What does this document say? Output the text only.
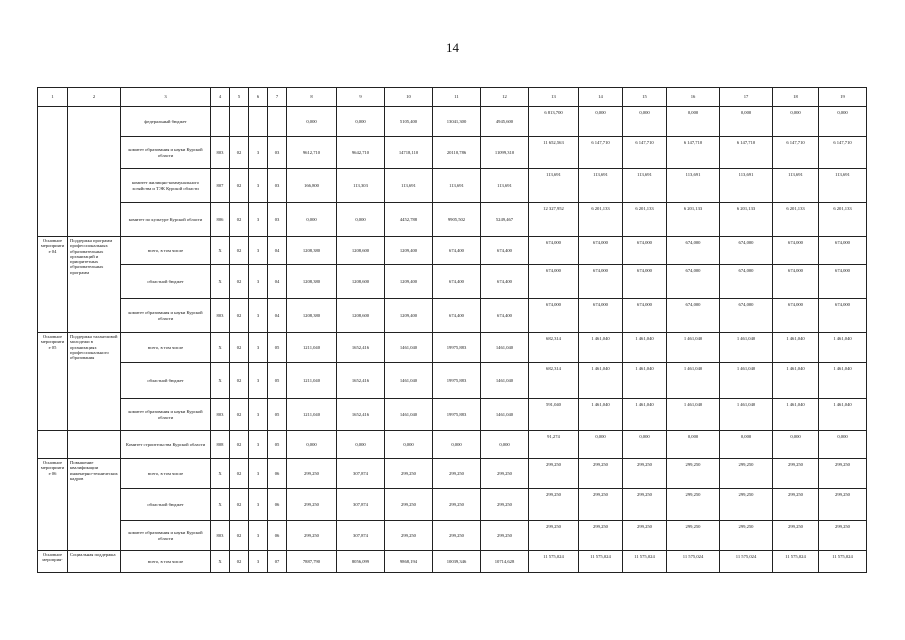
14
1	2	3	4	5	6	7	8	9	10	11	12	13	14	15	16	17	18	19
		федеральный бюджет					0,000	0,000	5105,400	13041,300	4945,600	6 813,700	0,000	0,000	0,000	0,000	0,000	0,000
		комитет образования и науки Курской области	803	02	3	03	9612,710	9642,710	14718,110	20110,786	11099,310	11 652,563	6 147,710	6 147,710	6 147,710	6 147,710	6 147,710	6 147,710
		комитет жилищно-коммунального хозяйства и ТЭК Курской области	807	02	3	03	166,800	113,303	113,691	113,691	113,691	113,691	113,691	113,691	113,691	113,691	113,691	113,691
		комитет по культуре Курской области	806	02	3	03	0,000	0,000	4452,788	9905,502	5249,467	12 327,952	6 201,133	6 201,133	6 201,133	6 201,133	6 201,133	6 201,133
Основное мероприятие 04	Поддержка программ профессиональных образовательных организаций и приоритетных образовательных программ	всего, в том числе	Х	02	3	04	1208,380	1208,600	1209,400	674,400	674,400	674,000	674,000	674,000	674,000	674,000	674,000	674,000
		областной бюджет	Х	02	3	04	1208,380	1208,600	1209,400	674,400	674,400	674,000	674,000	674,000	674,000	674,000	674,000	674,000
		комитет образования и науки Курской области	803	02	3	04	1208,380	1208,600	1209,400	674,400	674,400	674,000	674,000	674,000	674,000	674,000	674,000	674,000
Основное мероприятие 05	Поддержка талантливой молодежи в организациях профессионального образования	всего, в том числе	Х	02	3	05	1211,040	1652,416	1461,040	19975,883	1461,040	682,314	1 461,040	1 461,040	1 461,040	1 461,040	1 461,040	1 461,040
		областной бюджет	Х	02	3	05	1211,040	1652,416	1461,040	19975,883	1461,040	682,314	1 461,040	1 461,040	1 461,040	1 461,040	1 461,040	1 461,040
		комитет образования и науки Курской области	803	02	3	05	1211,040	1652,416	1461,040	19975,883	1461,040	591,040	1 461,040	1 461,040	1 461,040	1 461,040	1 461,040	1 461,040
		Комитет строительства Курской области	808	02	3	05	0,000	0,000	0,000	0,000	0,000	91,274	0,000	0,000	0,000	0,000	0,000	0,000
Основное мероприятие 06	Повышение квалификации инженерно-технических кадров	всего, в том числе	Х	02	3	06	299,250	307,874	299,250	299,250	299,250	299,250	299,250	299,250	299,250	299,250	299,250	299,250
		областной бюджет	Х	02	3	06	299,250	307,874	299,250	299,250	299,250	299,250	299,250	299,250	299,250	299,250	299,250	299,250
		комитет образования и науки Курской области	803	02	3	06	299,250	307,874	299,250	299,250	299,250	299,250	299,250	299,250	299,250	299,250	299,250	299,250
Основное мероприя-	Социальная поддержка	всего, в том числе	Х	02	3	07	7887,790	8056,099	9868,194	10039,346	10714,628	11 575,024	11 575,024	11 575,024	11 575,024	11 575,024	11 575,024	11 575,024
